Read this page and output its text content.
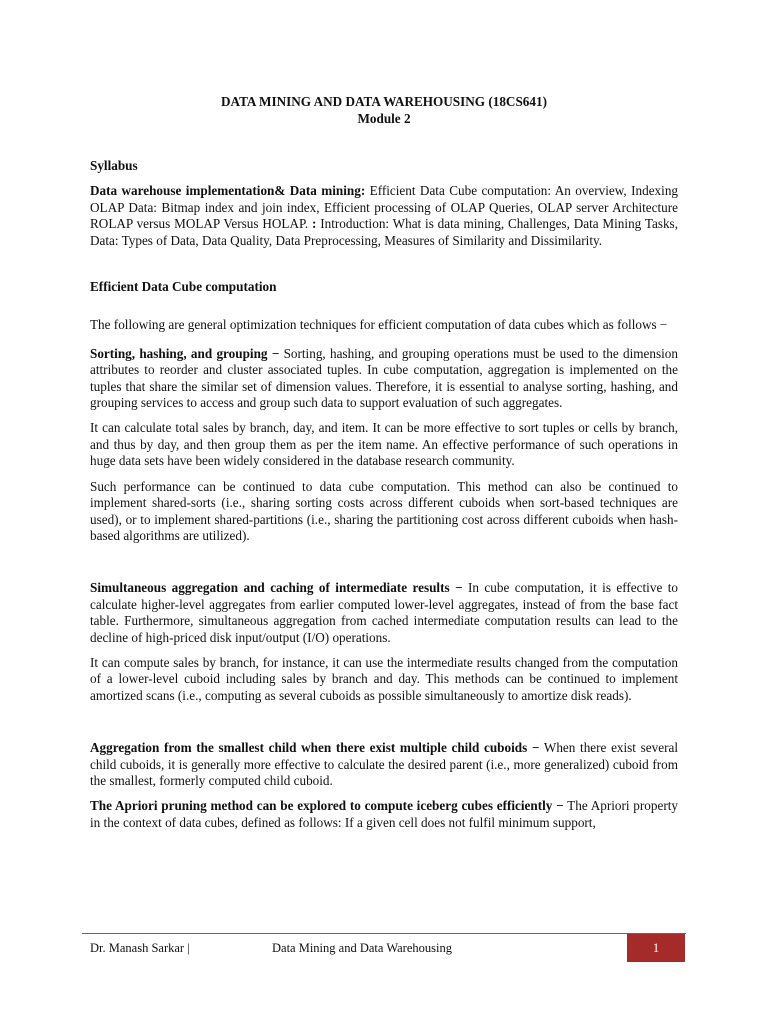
DATA MINING AND DATA WAREHOUSING (18CS641)
Module 2

Syllabus

Data warehouse implementation& Data mining: Efficient Data Cube computation: An overview, Indexing OLAP Data: Bitmap index and join index, Efficient processing of OLAP Queries, OLAP server Architecture ROLAP versus MOLAP Versus HOLAP. : Introduction: What is data mining, Challenges, Data Mining Tasks, Data: Types of Data, Data Quality, Data Preprocessing, Measures of Similarity and Dissimilarity.

Efficient Data Cube computation

The following are general optimization techniques for efficient computation of data cubes which as follows −

Sorting, hashing, and grouping − Sorting, hashing, and grouping operations must be used to the dimension attributes to reorder and cluster associated tuples. In cube computation, aggregation is implemented on the tuples that share the similar set of dimension values. Therefore, it is essential to analyse sorting, hashing, and grouping services to access and group such data to support evaluation of such aggregates.

It can calculate total sales by branch, day, and item. It can be more effective to sort tuples or cells by branch, and thus by day, and then group them as per the item name. An effective performance of such operations in huge data sets have been widely considered in the database research community.

Such performance can be continued to data cube computation. This method can also be continued to implement shared-sorts (i.e., sharing sorting costs across different cuboids when sort-based techniques are used), or to implement shared-partitions (i.e., sharing the partitioning cost across different cuboids when hash-based algorithms are utilized).

Simultaneous aggregation and caching of intermediate results − In cube computation, it is effective to calculate higher-level aggregates from earlier computed lower-level aggregates, instead of from the base fact table. Furthermore, simultaneous aggregation from cached intermediate computation results can lead to the decline of high-priced disk input/output (I/O) operations.

It can compute sales by branch, for instance, it can use the intermediate results changed from the computation of a lower-level cuboid including sales by branch and day. This methods can be continued to implement amortized scans (i.e., computing as several cuboids as possible simultaneously to amortize disk reads).

Aggregation from the smallest child when there exist multiple child cuboids − When there exist several child cuboids, it is generally more effective to calculate the desired parent (i.e., more generalized) cuboid from the smallest, formerly computed child cuboid.

The Apriori pruning method can be explored to compute iceberg cubes efficiently − The Apriori property in the context of data cubes, defined as follows: If a given cell does not fulfil minimum support,

Dr. Manash Sarkar |	Data Mining and Data Warehousing	1
